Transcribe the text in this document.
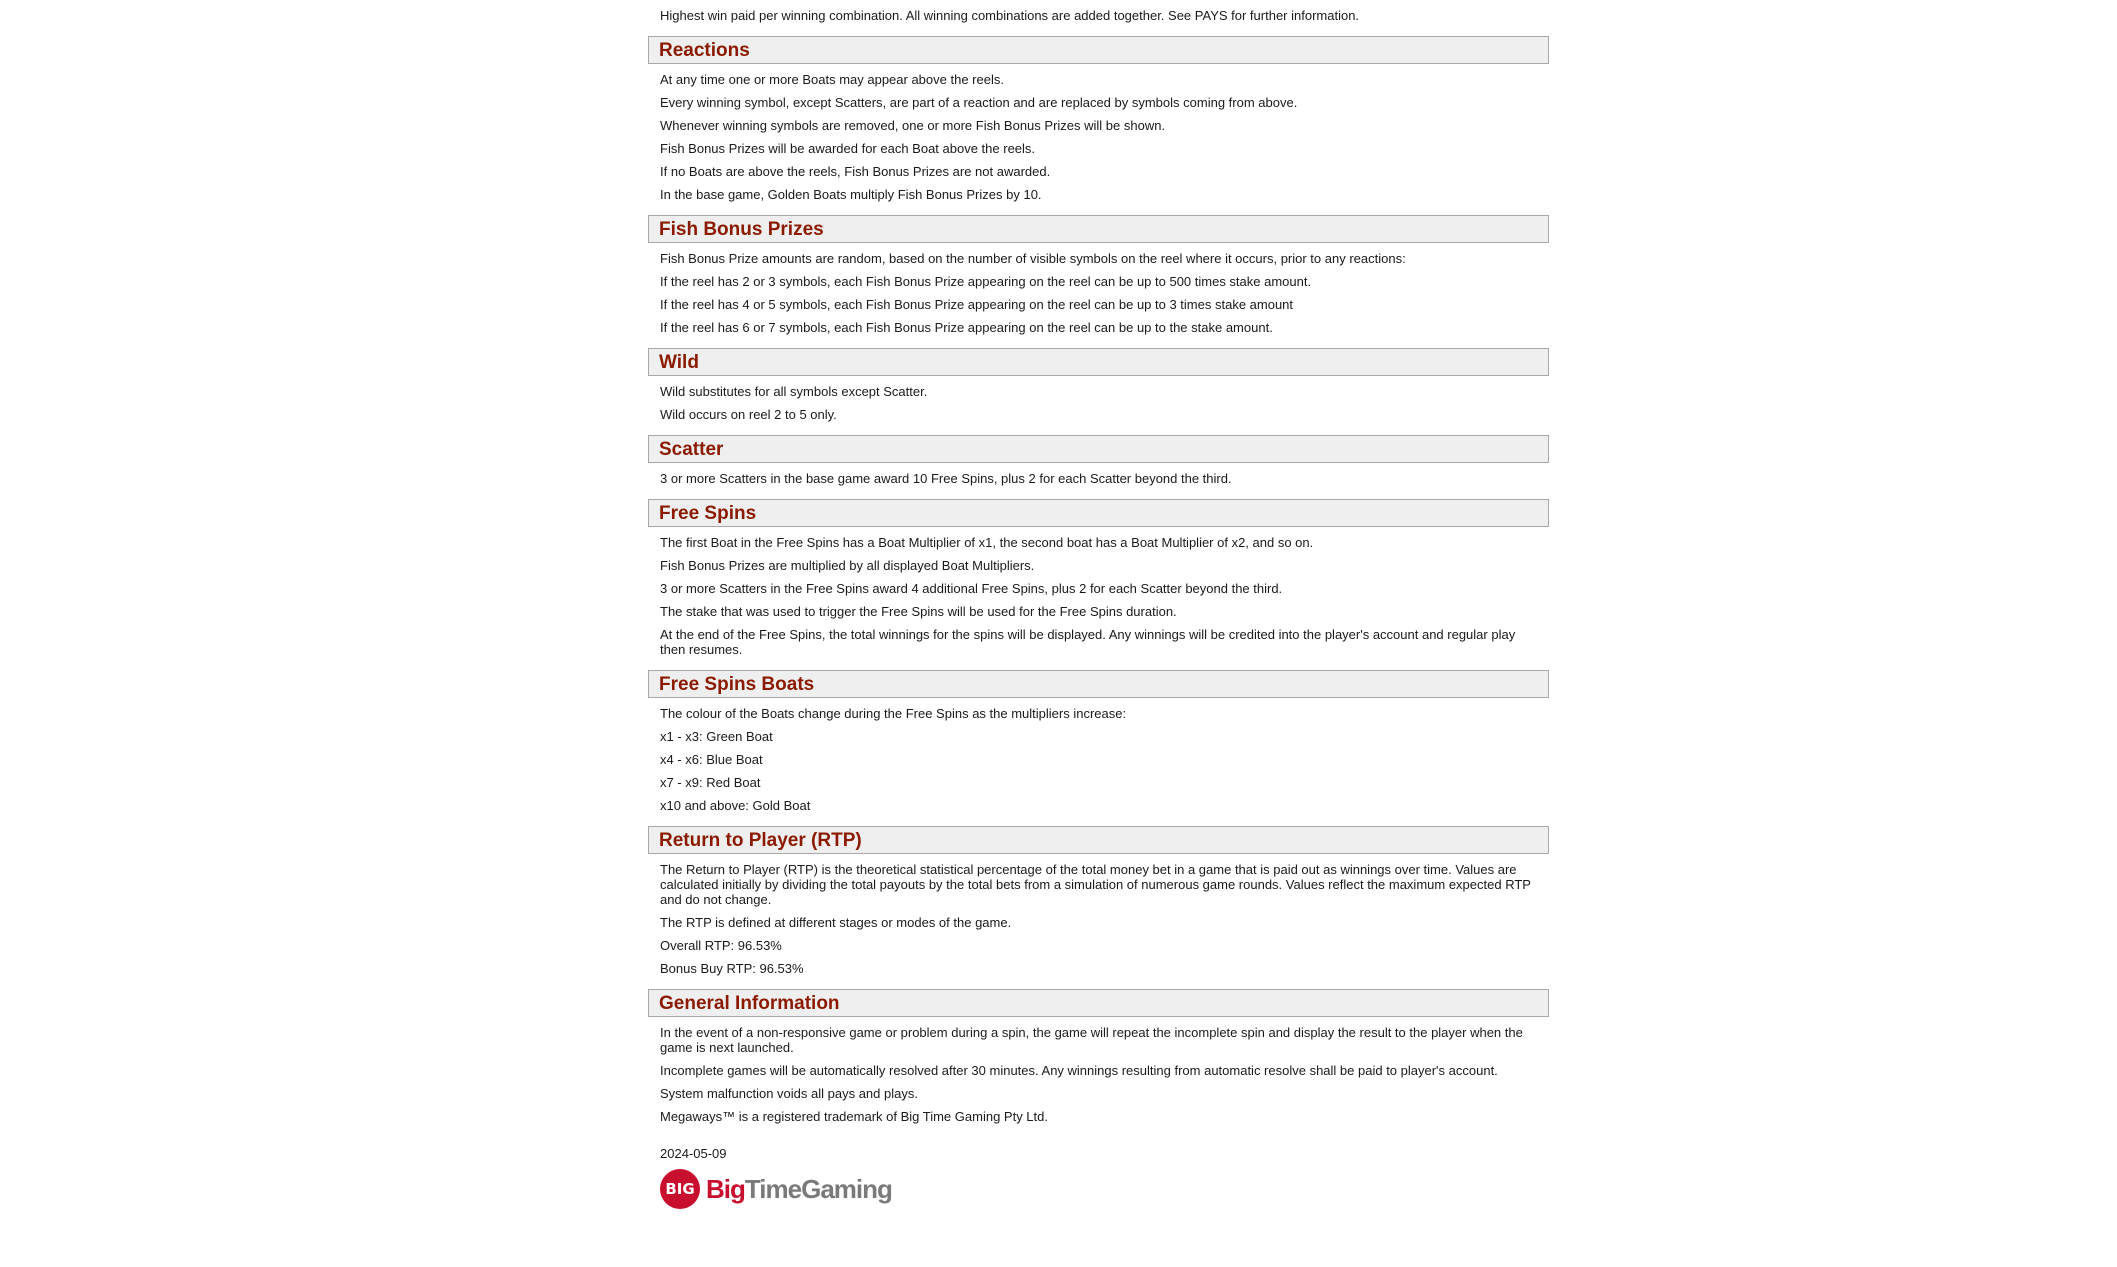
Highest win paid per winning combination. All winning combinations are added together. See PAYS for further information.
Reactions
At any time one or more Boats may appear above the reels.
Every winning symbol, except Scatters, are part of a reaction and are replaced by symbols coming from above.
Whenever winning symbols are removed, one or more Fish Bonus Prizes will be shown.
Fish Bonus Prizes will be awarded for each Boat above the reels.
If no Boats are above the reels, Fish Bonus Prizes are not awarded.
In the base game, Golden Boats multiply Fish Bonus Prizes by 10.
Fish Bonus Prizes
Fish Bonus Prize amounts are random, based on the number of visible symbols on the reel where it occurs, prior to any reactions:
If the reel has 2 or 3 symbols, each Fish Bonus Prize appearing on the reel can be up to 500 times stake amount.
If the reel has 4 or 5 symbols, each Fish Bonus Prize appearing on the reel can be up to 3 times stake amount
If the reel has 6 or 7 symbols, each Fish Bonus Prize appearing on the reel can be up to the stake amount.
Wild
Wild substitutes for all symbols except Scatter.
Wild occurs on reel 2 to 5 only.
Scatter
3 or more Scatters in the base game award 10 Free Spins, plus 2 for each Scatter beyond the third.
Free Spins
The first Boat in the Free Spins has a Boat Multiplier of x1, the second boat has a Boat Multiplier of x2, and so on.
Fish Bonus Prizes are multiplied by all displayed Boat Multipliers.
3 or more Scatters in the Free Spins award 4 additional Free Spins, plus 2 for each Scatter beyond the third.
The stake that was used to trigger the Free Spins will be used for the Free Spins duration.
At the end of the Free Spins, the total winnings for the spins will be displayed. Any winnings will be credited into the player's account and regular play then resumes.
Free Spins Boats
The colour of the Boats change during the Free Spins as the multipliers increase:
x1 - x3: Green Boat
x4 - x6: Blue Boat
x7 - x9: Red Boat
x10 and above: Gold Boat
Return to Player (RTP)
The Return to Player (RTP) is the theoretical statistical percentage of the total money bet in a game that is paid out as winnings over time. Values are calculated initially by dividing the total payouts by the total bets from a simulation of numerous game rounds. Values reflect the maximum expected RTP and do not change.
The RTP is defined at different stages or modes of the game.
Overall RTP: 96.53%
Bonus Buy RTP: 96.53%
General Information
In the event of a non-responsive game or problem during a spin, the game will repeat the incomplete spin and display the result to the player when the game is next launched.
Incomplete games will be automatically resolved after 30 minutes. Any winnings resulting from automatic resolve shall be paid to player's account.
System malfunction voids all pays and plays.
Megaways™ is a registered trademark of Big Time Gaming Pty Ltd.
2024-05-09
BIG BigTimeGaming
